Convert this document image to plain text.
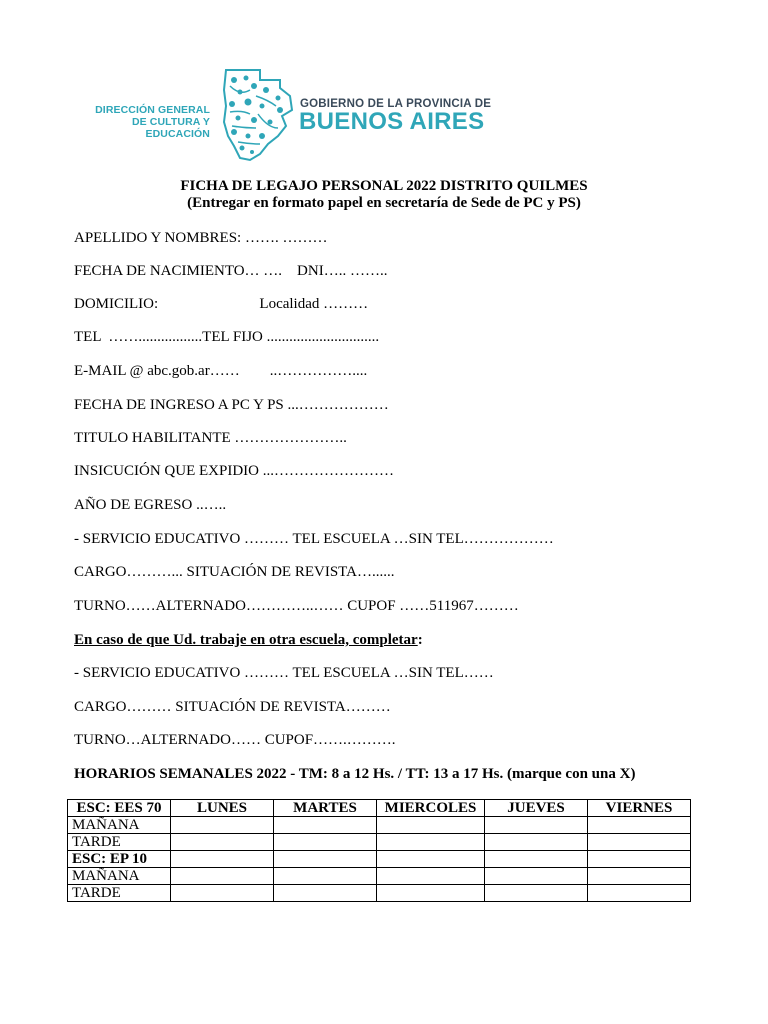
DIRECCIÓN GENERAL
DE CULTURA Y EDUCACIÓN
GOBIERNO DE LA PROVINCIA DE
BUENOS AIRES
FICHA DE LEGAJO PERSONAL 2022 DISTRITO QUILMES
(Entregar en formato papel en secretaría de Sede de PC y PS)
APELLIDO Y NOMBRES: ……. ………
FECHA DE NACIMIENTO… ….    DNI….. ……..
DOMICILIO:                           Localidad ………
TEL  …….................TEL FIJO ..............................
E-MAIL @ abc.gob.ar……        ..……………....
FECHA DE INGRESO A PC Y PS ...………………
TITULO HABILITANTE …………………..
INSICUCIÓN QUE EXPIDIO ...……………………
AÑO DE EGRESO ..…..
- SERVICIO EDUCATIVO ……… TEL ESCUELA …SIN TEL………………
CARGO………... SITUACIÓN DE REVISTA…......
TURNO……ALTERNADO…………..…… CUPOF ……511967………
En caso de que Ud. trabaje en otra escuela, completar:
- SERVICIO EDUCATIVO ……… TEL ESCUELA …SIN TEL……
CARGO……… SITUACIÓN DE REVISTA………
TURNO…ALTERNADO…… CUPOF…….……….
HORARIOS SEMANALES 2022 - TM: 8 a 12 Hs. / TT: 13 a 17 Hs. (marque con una X)
ESC: EES 70	LUNES	MARTES	MIERCOLES	JUEVES	VIERNES
MAÑANA					
TARDE					
ESC: EP 10					
MAÑANA					
TARDE					
